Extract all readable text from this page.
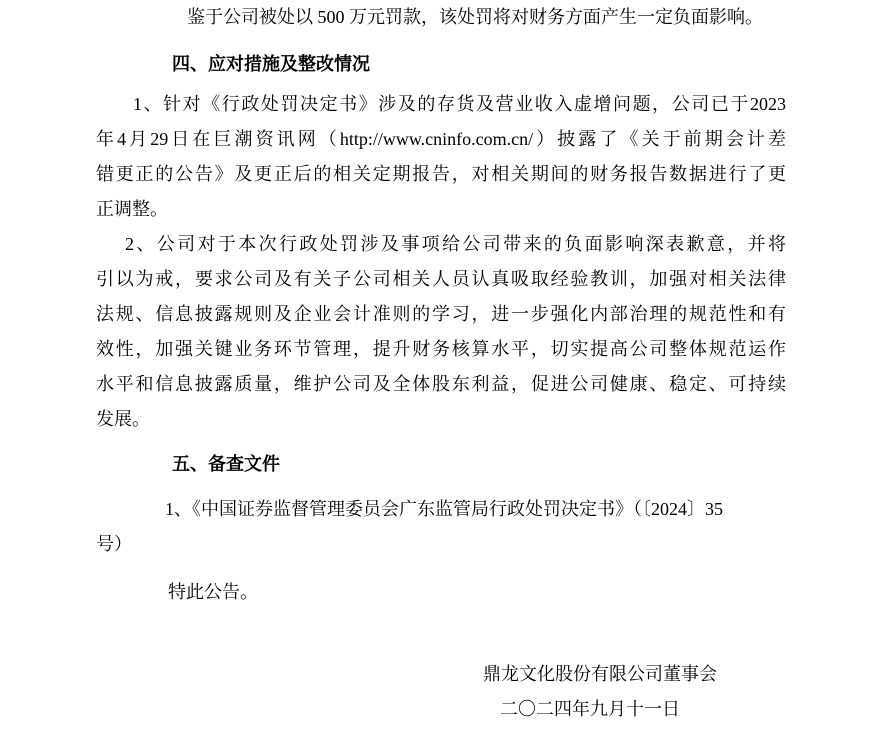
鉴于公司被处以 500 万元罚款，该处罚将对财务方面产生一定负面影响。
四、应对措施及整改情况
1、针对《行政处罚决定书》涉及的存货及营业收入虚增问题，公司已于2023
年4月29日在巨潮资讯网（http://www.cninfo.com.cn/）披露了《关于前期会计差
错更正的公告》及更正后的相关定期报告，对相关期间的财务报告数据进行了更
正调整。
2、公司对于本次行政处罚涉及事项给公司带来的负面影响深表歉意，并将
引以为戒，要求公司及有关子公司相关人员认真吸取经验教训，加强对相关法律
法规、信息披露规则及企业会计准则的学习，进一步强化内部治理的规范性和有
效性，加强关键业务环节管理，提升财务核算水平，切实提高公司整体规范运作
水平和信息披露质量，维护公司及全体股东利益，促进公司健康、稳定、可持续
发展。
五、备查文件
1、《中国证券监督管理委员会广东监管局行政处罚决定书》（〔2024〕35
号）
特此公告。
鼎龙文化股份有限公司董事会
二〇二四年九月十一日
